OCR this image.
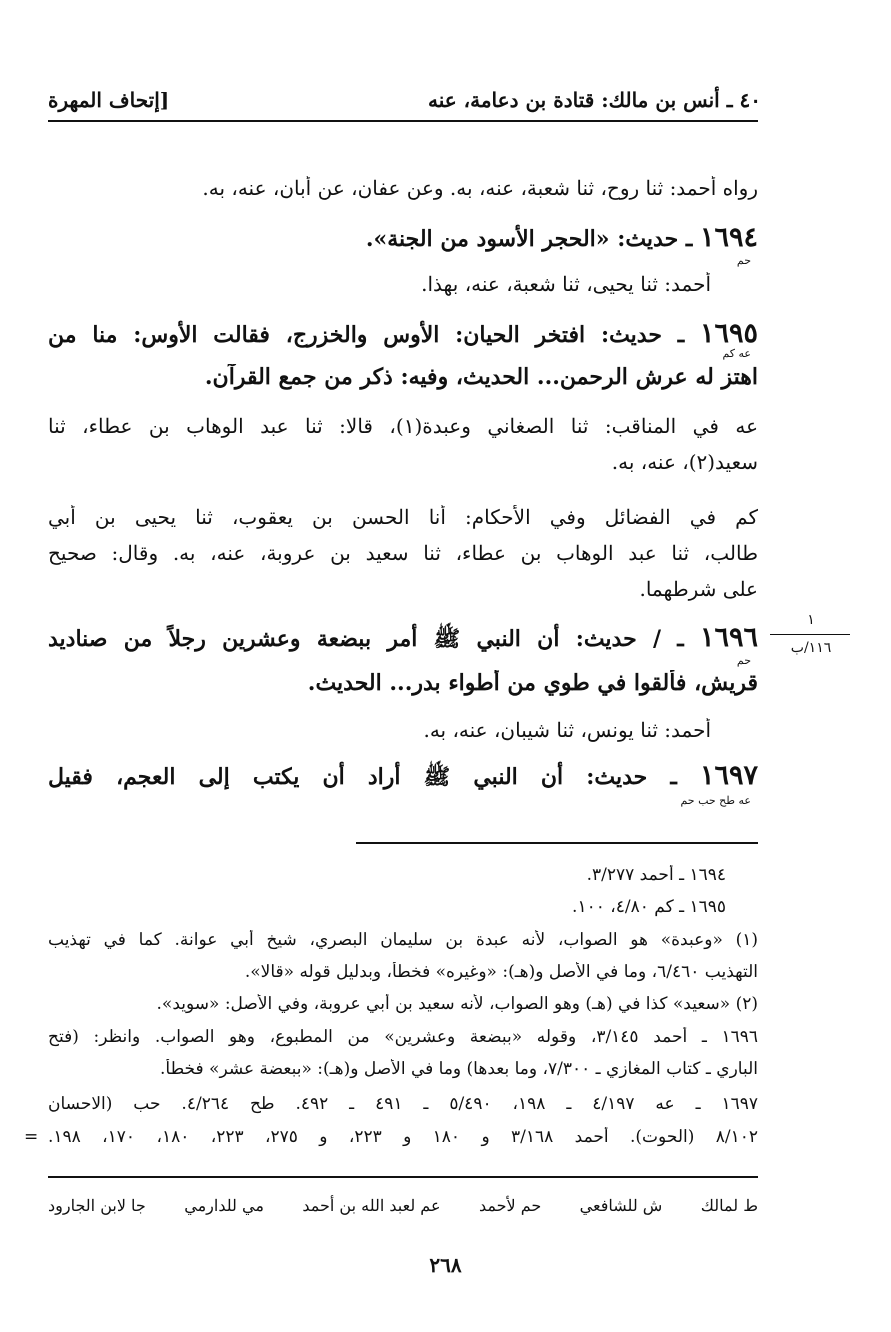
٤٠ ـ أنس بن مالك: قتادة بن دعامة، عنه
[إتحاف المهرة
رواه أحمد: ثنا روح، ثنا شعبة، عنه، به. وعن عفان، عن أبان، عنه، به.
١٦٩٤ ـ حديث: «الحجر الأسود من الجنة».
حم
أحمد: ثنا يحيى، ثنا شعبة، عنه، بهذا.
١٦٩٥ ـ حديث: افتخر الحيان: الأوس والخزرج، فقالت الأوس: منا من
عه كم
اهتز له عرش الرحمن... الحديث، وفيه: ذكر من جمع القرآن.
عه في المناقب: ثنا الصغاني وعبدة(١)، قالا: ثنا عبد الوهاب بن عطاء، ثنا
سعيد(٢)، عنه، به.
كم في الفضائل وفي الأحكام: أنا الحسن بن يعقوب، ثنا يحيى بن أبي
طالب، ثنا عبد الوهاب بن عطاء، ثنا سعيد بن عروبة، عنه، به. وقال: صحيح
على شرطهما.
١٦٩٦ ـ / حديث: أن النبي ﷺ أمر ببضعة وعشرين رجلاً من صناديد
حم
قريش، فألقوا في طوي من أطواء بدر... الحديث.
أحمد: ثنا يونس، ثنا شيبان، عنه، به.
١
١١٦/ب
١٦٩٧ ـ حديث: أن النبي ﷺ أراد أن يكتب إلى العجم، فقيل
عه طح حب حم
١٦٩٤ ـ أحمد ٣/٢٧٧.
١٦٩٥ ـ كم ٤/٨٠، ١٠٠.
(١) «وعبدة» هو الصواب، لأنه عبدة بن سليمان البصري، شيخ أبي عوانة. كما في تهذيب
التهذيب ٦/٤٦٠، وما في الأصل و(هـ): «وغيره» فخطأ، وبدليل قوله «قالا».
(٢) «سعيد» كذا في (هـ) وهو الصواب، لأنه سعيد بن أبي عروبة، وفي الأصل: «سويد».
١٦٩٦ ـ أحمد ٣/١٤٥، وقوله «ببضعة وعشرين» من المطبوع، وهو الصواب. وانظر: (فتح
الباري ـ كتاب المغازي ـ ٧/٣٠٠، وما بعدها) وما في الأصل و(هـ): «ببعضة عشر» فخطأ.
١٦٩٧ ـ عه ٤/١٩٧ ـ ١٩٨، ٥/٤٩٠ ـ ٤٩١ ـ ٤٩٢. طح ٤/٢٦٤. حب (الاحسان
٨/١٠٢ (الحوت). أحمد ٣/١٦٨ و ١٨٠ و ٢٢٣، و ٢٧٥، ٢٢٣، ١٨٠، ١٧٠، ١٩٨.
=
ط لمالك
ش للشافعي
حم لأحمد
عم لعبد الله بن أحمد
مي للدارمي
جا لابن الجارود
٢٦٨
